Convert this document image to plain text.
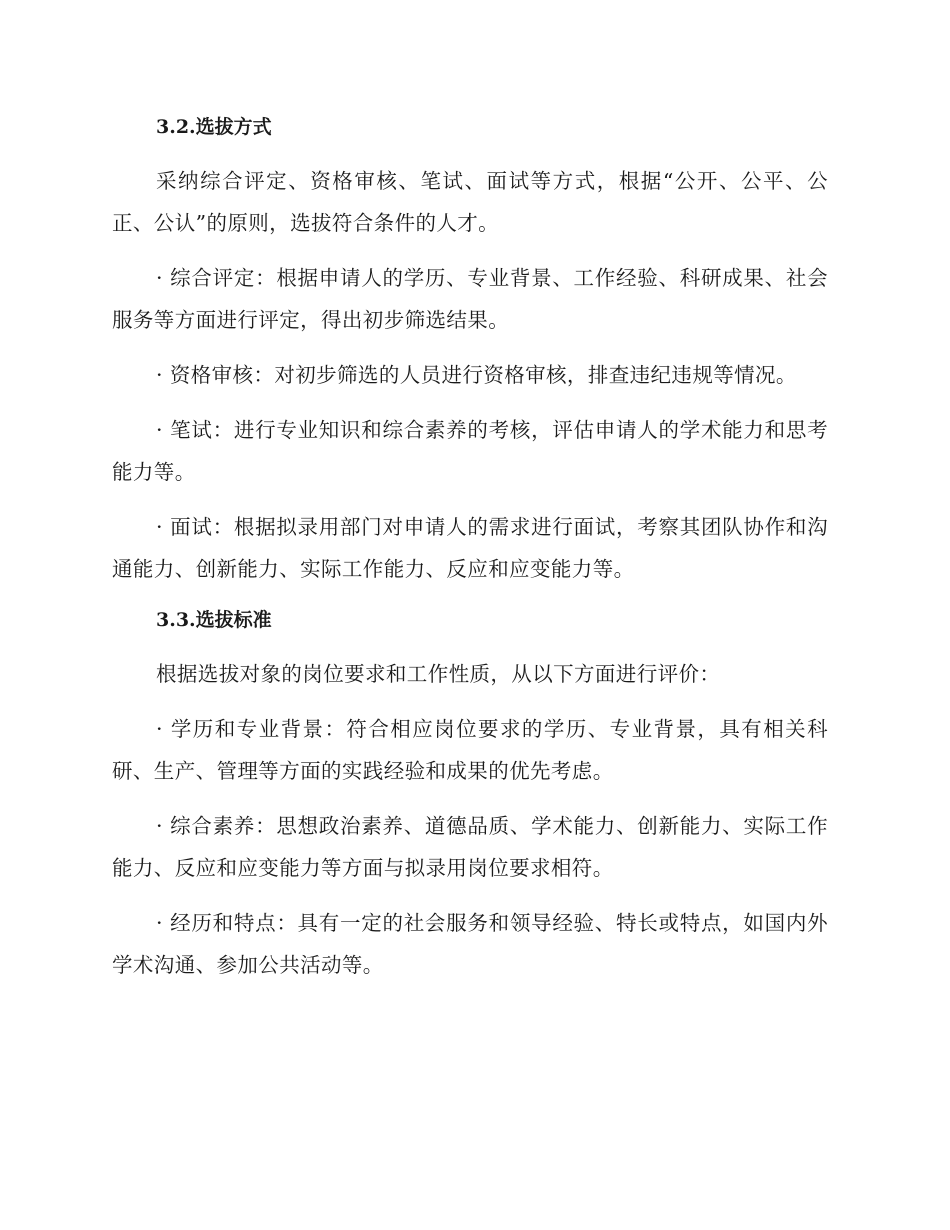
3.2.选拔方式

采纳综合评定、资格审核、笔试、面试等方式，根据“公开、公平、公正、公认”的原则，选拔符合条件的人才。

· 综合评定：根据申请人的学历、专业背景、工作经验、科研成果、社会服务等方面进行评定，得出初步筛选结果。

· 资格审核：对初步筛选的人员进行资格审核，排查违纪违规等情况。

· 笔试：进行专业知识和综合素养的考核，评估申请人的学术能力和思考能力等。

· 面试：根据拟录用部门对申请人的需求进行面试，考察其团队协作和沟通能力、创新能力、实际工作能力、反应和应变能力等。

3.3.选拔标准

根据选拔对象的岗位要求和工作性质，从以下方面进行评价：

· 学历和专业背景：符合相应岗位要求的学历、专业背景，具有相关科研、生产、管理等方面的实践经验和成果的优先考虑。

· 综合素养：思想政治素养、道德品质、学术能力、创新能力、实际工作能力、反应和应变能力等方面与拟录用岗位要求相符。

· 经历和特点：具有一定的社会服务和领导经验、特长或特点，如国内外学术沟通、参加公共活动等。
